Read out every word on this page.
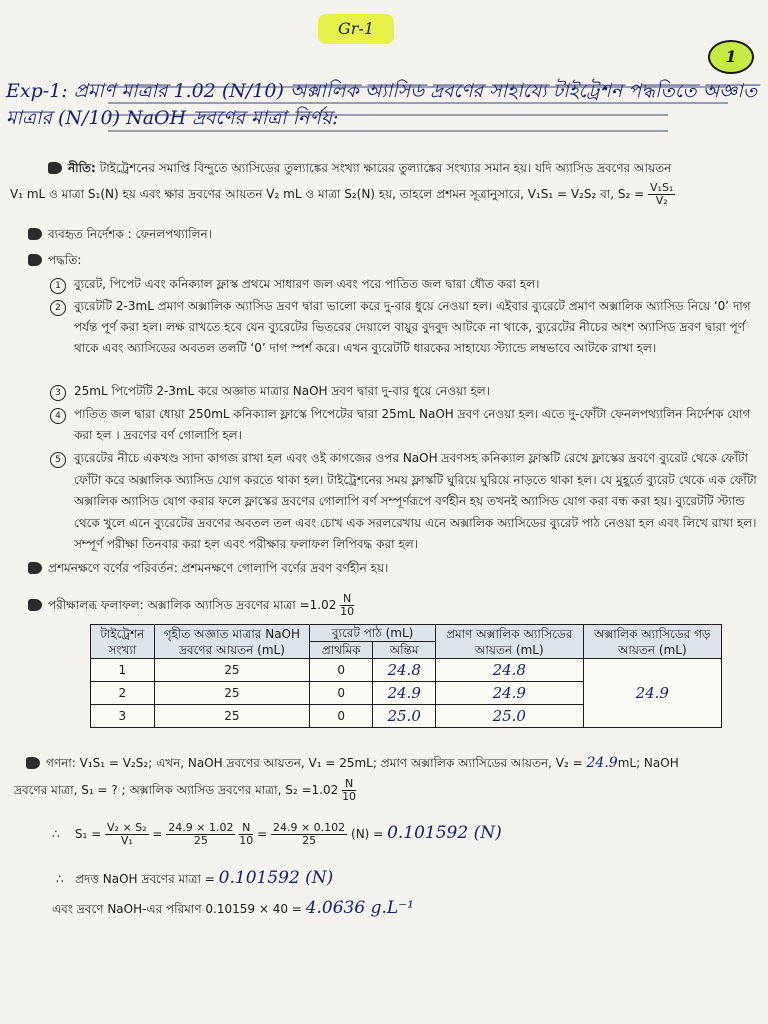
Gr-1
1
Exp-1: প্রমাণ মাত্রার 1.02 (N/10) অক্সালিক অ্যাসিড দ্রবণের সাহায্যে টাইট্রেশন পদ্ধতিতে অজ্ঞাত মাত্রার (N/10) NaOH দ্রবণের মাত্রা নির্ণয়:
নীতি: টাইট্রেশনের সমাপ্তি বিন্দুতে অ্যাসিডের তুল্যাঙ্কের সংখ্যা ক্ষারের তুল্যাঙ্কের সংখ্যার সমান হয়। যদি অ্যাসিড দ্রবণের আয়তন
V₁ mL ও মাত্রা S₁(N) হয় এবং ক্ষার দ্রবণের আয়তন V₂ mL ও মাত্রা S₂(N) হয়, তাহলে প্রশমন সূত্রানুসারে, V₁S₁ = V₂S₂ বা, $S_2 = \frac{\text{V₁S₁}}{\text{V₂}}$
ব্যবহৃত নির্দেশক : ফেনলপথ্যালিন।
পদ্ধতি:
1 ব্যুরেট, পিপেট এবং কনিক্যাল ফ্লাস্ক প্রথমে সাধারণ জল এবং পরে পাতিত জল দ্বারা ধৌত করা হল।
2 ব্যুরেটটি 2-3mL প্রমাণ অক্সালিক অ্যাসিড দ্রবণ দ্বারা ভালো করে দু-বার ধুয়ে নেওয়া হল। এইবার ব্যুরেটে প্রমাণ অক্সালিক অ্যাসিড নিয়ে ‘0’ দাগ পর্যন্ত পূর্ণ করা হল। লক্ষ রাখতে হবে যেন ব্যুরেটের ভিতরের দেয়ালে বায়ুর বুদবুদ আটকে না থাকে, ব্যুরেটের নীচের অংশ অ্যাসিড দ্রবণ দ্বারা পূর্ণ থাকে এবং অ্যাসিডের অবতল তলটি ‘0’ দাগ স্পর্শ করে। এখন ব্যুরেটটি ধারকের সাহায্যে স্ট্যান্ডে লম্বভাবে আটকে রাখা হল।
3 25mL পিপেটটি 2-3mL করে অজ্ঞাত মাত্রার NaOH দ্রবণ দ্বারা দু-বার ধুয়ে নেওয়া হল।
4 পাতিত জল দ্বারা ধোয়া 250mL কনিক্যাল ফ্লাস্কে পিপেটের দ্বারা 25mL NaOH দ্রবণ নেওয়া হল। এতে দু-ফোঁটা ফেনলপথ্যালিন নির্দেশক যোগ করা হল । দ্রবণের বর্ণ গোলাপি হল।
5 ব্যুরেটের নীচে একখণ্ড সাদা কাগজ রাখা হল এবং ওই কাগজের ওপর NaOH দ্রবণসহ কনিক্যাল ফ্লাস্কটি রেখে ফ্লাস্কের দ্রবণে ব্যুরেট থেকে ফোঁটা ফোঁটা করে অক্সালিক অ্যাসিড যোগ করতে থাকা হল। টাইট্রেশনের সময় ফ্লাস্কটি ঘুরিয়ে ঘুরিয়ে নাড়তে থাকা হল। যে মুহূর্তে ব্যুরেট থেকে এক ফোঁটা অক্সালিক অ্যাসিড যোগ করার ফলে ফ্লাস্কের দ্রবণের গোলাপি বর্ণ সম্পূর্ণরূপে বর্ণহীন হয় তখনই অ্যাসিড যোগ করা বন্ধ করা হয়। ব্যুরেটটি স্ট্যান্ড থেকে খুলে এনে ব্যুরেটের দ্রবণের অবতল তল এবং চোখ এক সরলরেখায় এনে অক্সালিক অ্যাসিডের ব্যুরেট পাঠ নেওয়া হল এবং লিখে রাখা হল। সম্পূর্ণ পরীক্ষা তিনবার করা হল এবং পরীক্ষার ফলাফল লিপিবদ্ধ করা হল।
প্রশমনক্ষণে বর্ণের পরিবর্তন: প্রশমনক্ষণে গোলাপি বর্ণের দ্রবণ বর্ণহীন হয়।
পরীক্ষালব্ধ ফলাফল: অক্সালিক অ্যাসিড দ্রবণের মাত্রা $=1.02 \frac{N}{10}$
টাইট্রেশন সংখ্যা	গৃহীত অজ্ঞাত মাত্রার NaOH দ্রবণের আয়তন (mL)	ব্যুরেট পাঠ (mL)		প্রমাণ অক্সালিক অ্যাসিডের আয়তন (mL)	অক্সালিক অ্যাসিডের গড় আয়তন (mL)
		প্রাথমিক	অন্তিম		
1	25	0	24.8	24.8	24.9
2	25	0	24.9	24.9	
3	25	0	25.0	25.0	
গণনা: V₁S₁ = V₂S₂; এখন, NaOH দ্রবণের আয়তন, V₁ = 25mL; প্রমাণ অক্সালিক অ্যাসিডের আয়তন, V₂ = 24.9mL; NaOH
দ্রবণের মাত্রা, S₁ = ? ; অক্সালিক অ্যাসিড দ্রবণের মাত্রা, $S_2 =1.02 \frac{N}{10}$
∴ $S_1 = \frac{\text{V₂ × S₂}}{\text{V₁}} = \frac{24.9 \times 1.02}{25}$
$\frac{N}{10} = \frac{24.9 \times 0.102}{25} (N) = 0.101592$ (N)
∴ প্রদত্ত NaOH দ্রবণের মাত্রা = 0.101592 (N)
এবং দ্রবণে NaOH-এর পরিমাণ 0.10159 × 40 = 4.0636 g.L⁻¹
